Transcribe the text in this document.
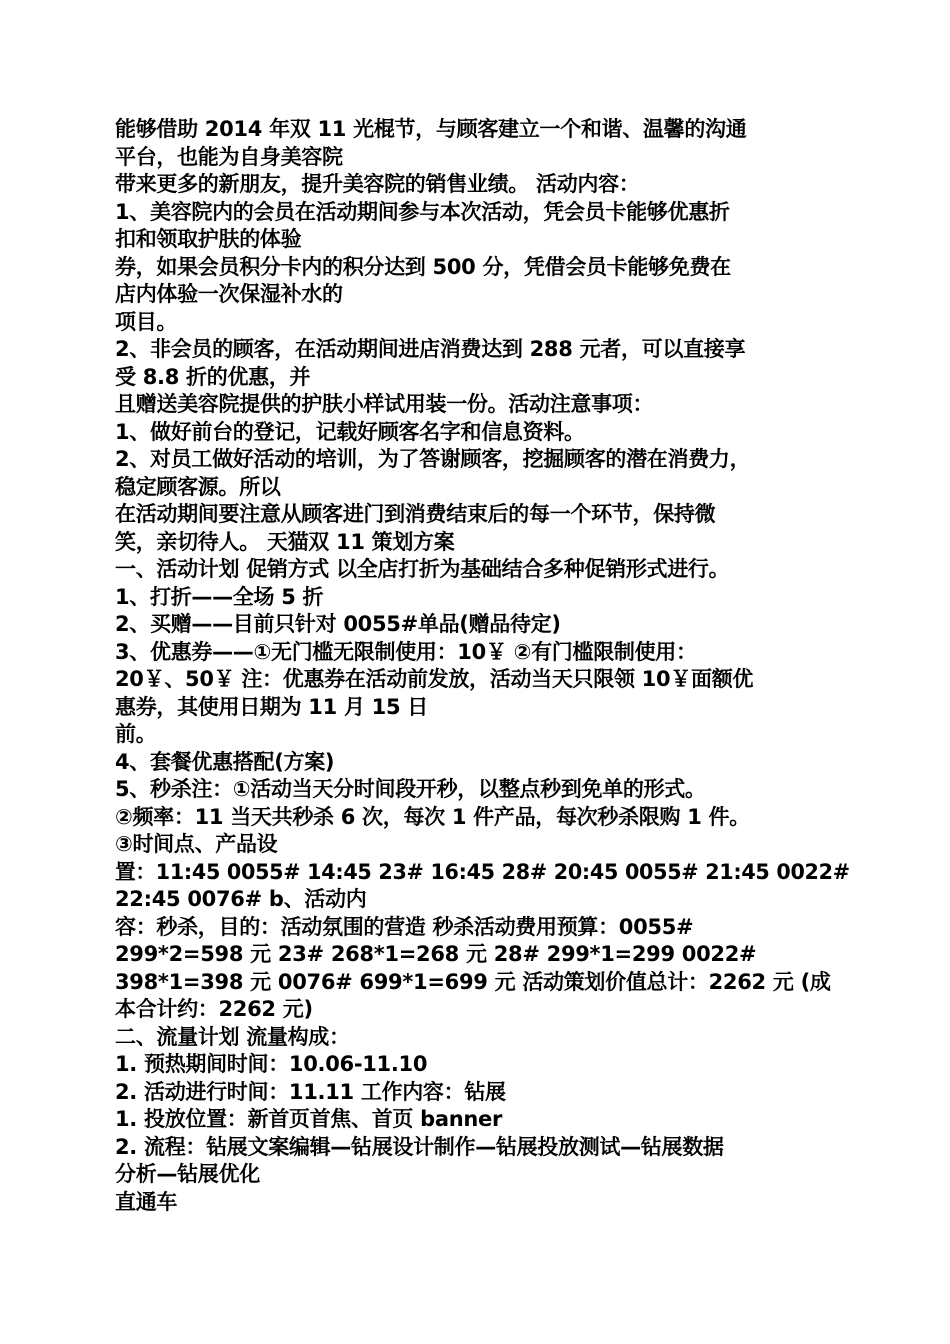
能够借助 2014 年双 11 光棍节，与顾客建立一个和谐、温馨的沟通
平台，也能为自身美容院
带来更多的新朋友，提升美容院的销售业绩。 活动内容：
1、美容院内的会员在活动期间参与本次活动，凭会员卡能够优惠折
扣和领取护肤的体验
券，如果会员积分卡内的积分达到 500 分，凭借会员卡能够免费在
店内体验一次保湿补水的
项目。
2、非会员的顾客，在活动期间进店消费达到 288 元者，可以直接享
受 8.8 折的优惠，并
且赠送美容院提供的护肤小样试用装一份。活动注意事项：
1、做好前台的登记，记载好顾客名字和信息资料。
2、对员工做好活动的培训，为了答谢顾客，挖掘顾客的潜在消费力，
稳定顾客源。所以
在活动期间要注意从顾客进门到消费结束后的每一个环节，保持微
笑，亲切待人。 天猫双 11 策划方案
一、活动计划 促销方式 以全店打折为基础结合多种促销形式进行。
1、打折——全场 5 折
2、买赠——目前只针对 0055#单品(赠品待定)
3、优惠券——①无门槛无限制使用：10￥ ②有门槛限制使用：
20￥、50￥ 注：优惠券在活动前发放，活动当天只限领 10￥面额优
惠券，其使用日期为 11 月 15 日
前。
4、套餐优惠搭配(方案)
5、秒杀注：①活动当天分时间段开秒，以整点秒到免单的形式。
②频率：11 当天共秒杀 6 次，每次 1 件产品，每次秒杀限购 1 件。
③时间点、产品设
置：11:45 0055# 14:45 23# 16:45 28# 20:45 0055# 21:45 0022#
22:45 0076# b、活动内
容：秒杀，目的：活动氛围的营造 秒杀活动费用预算：0055#
299*2=598 元 23# 268*1=268 元 28# 299*1=299 0022#
398*1=398 元 0076# 699*1=699 元 活动策划价值总计：2262 元 (成
本合计约：2262 元)
二、流量计划 流量构成：
1. 预热期间时间：10.06-11.10
2. 活动进行时间：11.11 工作内容：钻展
1. 投放位置：新首页首焦、首页 banner
2. 流程：钻展文案编辑—钻展设计制作—钻展投放测试—钻展数据
分析—钻展优化
直通车
